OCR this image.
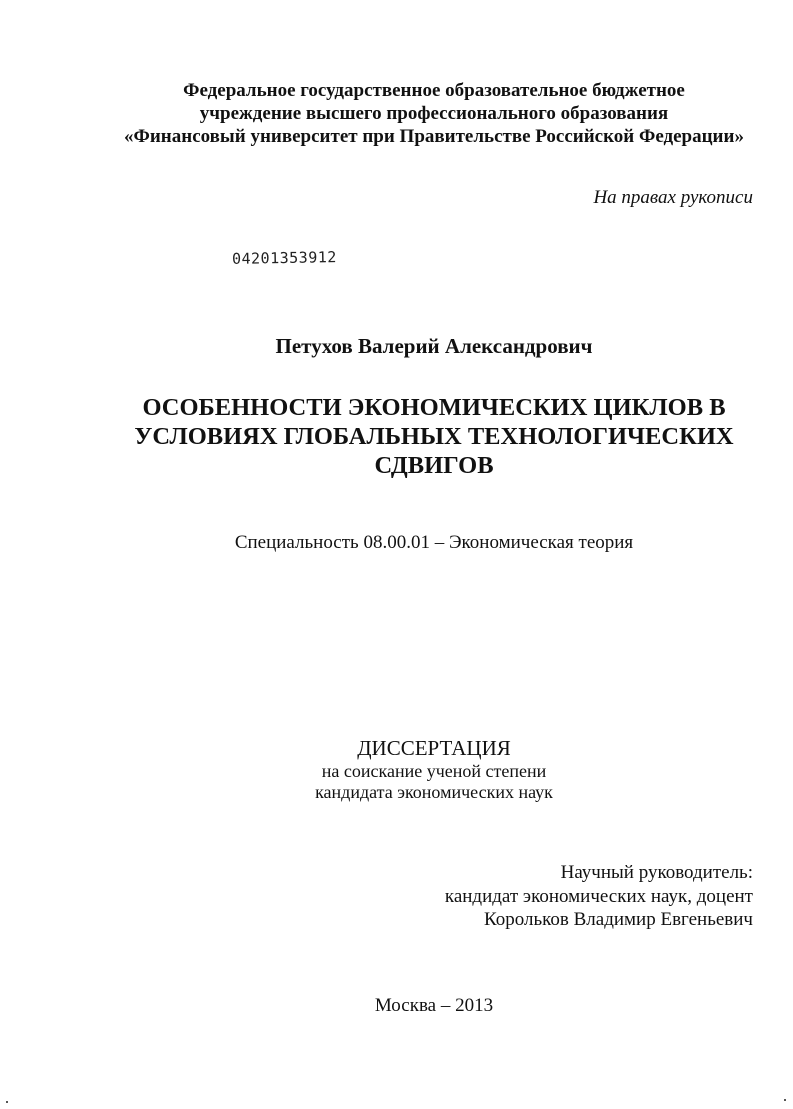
Федеральное государственное образовательное бюджетное
учреждение высшего профессионального образования
«Финансовый университет при Правительстве Российской Федерации»
На правах рукописи
04201353912
Петухов Валерий Александрович
ОСОБЕННОСТИ ЭКОНОМИЧЕСКИХ ЦИКЛОВ В
УСЛОВИЯХ ГЛОБАЛЬНЫХ ТЕХНОЛОГИЧЕСКИХ
СДВИГОВ
Специальность 08.00.01 – Экономическая теория
ДИССЕРТАЦИЯ
на соискание ученой степени
кандидата экономических наук
Научный руководитель:
кандидат экономических наук, доцент
Корольков Владимир Евгеньевич
Москва – 2013
